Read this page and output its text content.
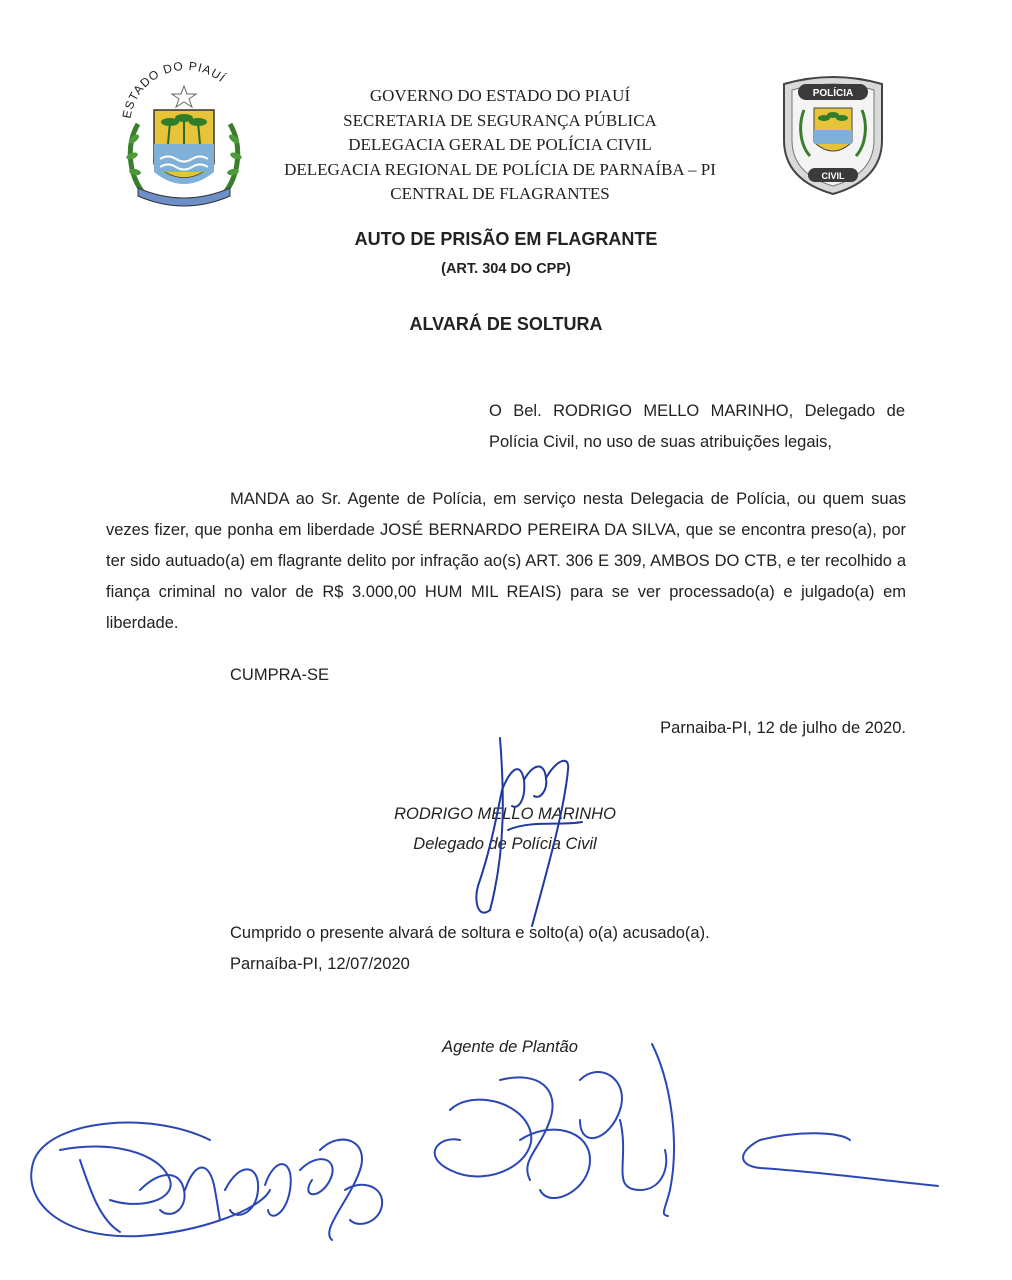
ESTADO DO PIAUÍ
GOVERNO DO ESTADO DO PIAUÍ
SECRETARIA DE SEGURANÇA PÚBLICA
DELEGACIA GERAL DE POLÍCIA CIVIL
DELEGACIA REGIONAL DE POLÍCIA DE PARNAÍBA – PI
CENTRAL DE FLAGRANTES
POLÍCIA
CIVIL
AUTO DE PRISÃO EM FLAGRANTE
(ART. 304 DO CPP)
ALVARÁ DE SOLTURA
O Bel. RODRIGO MELLO MARINHO, Delegado de Polícia Civil, no uso de suas atribuições legais,
MANDA ao Sr. Agente de Polícia, em serviço nesta Delegacia de Polícia, ou quem suas vezes fizer, que ponha em liberdade JOSÉ BERNARDO PEREIRA DA SILVA, que se encontra preso(a), por ter sido autuado(a) em flagrante delito por infração ao(s) ART. 306 E 309, AMBOS DO CTB, e ter recolhido a fiança criminal no valor de R$ 3.000,00 HUM MIL REAIS) para se ver processado(a) e julgado(a) em liberdade.
CUMPRA-SE
Parnaiba-PI, 12 de julho de 2020.
RODRIGO MELLO MARINHO
Delegado de Polícia Civil
Cumprido o presente alvará de soltura e solto(a) o(a) acusado(a).
Parnaíba-PI, 12/07/2020
Agente de Plantão
